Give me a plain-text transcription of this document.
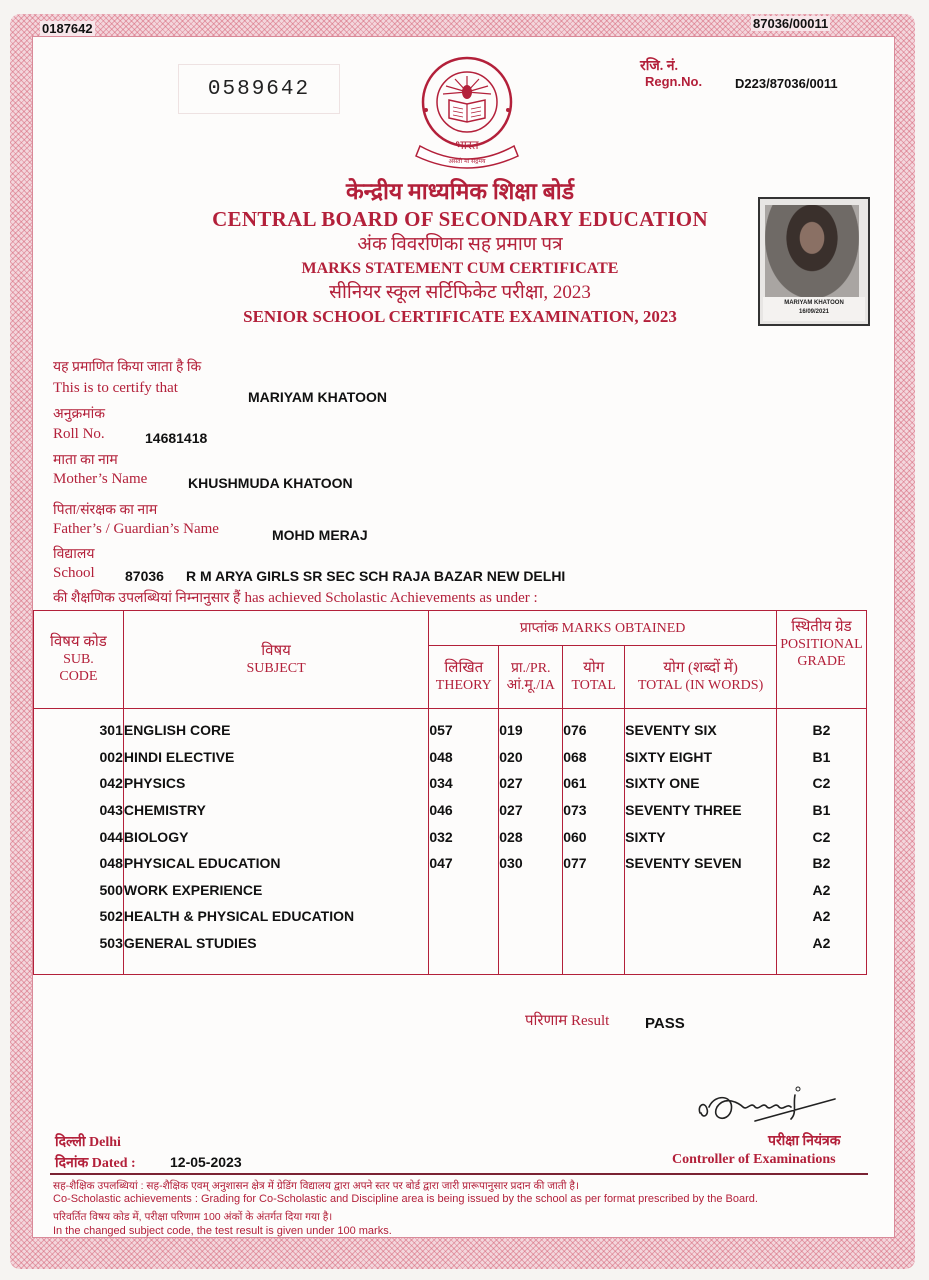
0187642	87036/00011
0589642
रजि. नं.
Regn.No.	D223/87036/0011
भारत
असतो मा सद्गमय
केन्द्रीय माध्यमिक शिक्षा बोर्ड
CENTRAL BOARD OF SECONDARY EDUCATION
अंक विवरणिका सह प्रमाण पत्र
MARKS STATEMENT CUM CERTIFICATE
सीनियर स्कूल सर्टिफिकेट परीक्षा, 2023
SENIOR SCHOOL CERTIFICATE EXAMINATION, 2023
MARIYAM KHATOON
16/09/2021
यह प्रमाणित किया जाता है कि
This is to certify that
MARIYAM KHATOON
अनुक्रमांक
Roll No.	14681418
माता का नाम
Mother’s Name	KHUSHMUDA KHATOON
पिता/संरक्षक का नाम
Father’s / Guardian’s Name	MOHD MERAJ
विद्यालय
School 87036 R M ARYA GIRLS SR SEC SCH RAJA BAZAR NEW DELHI
की शैक्षणिक उपलब्धियां निम्नानुसार हैं has achieved Scholastic Achievements as under :
विषय कोड
SUB.
CODE	विषय
SUBJECT	प्राप्तांक MARKS OBTAINED				स्थितीय ग्रेड
POSITIONAL
GRADE

		लिखित
THEORY	प्रा./PR.
आं.मू./IA	योग
TOTAL	योग (शब्दों में)
TOTAL (IN WORDS)	

301	ENGLISH CORE	057	019	076	SEVENTY SIX	B2
002	HINDI ELECTIVE	048	020	068	SIXTY EIGHT	B1
042	PHYSICS	034	027	061	SIXTY ONE	C2
043	CHEMISTRY	046	027	073	SEVENTY THREE	B1
044	BIOLOGY	032	028	060	SIXTY	C2
048	PHYSICAL EDUCATION	047	030	077	SEVENTY SEVEN	B2
500	WORK EXPERIENCE					A2
502	HEALTH & PHYSICAL EDUCATION					A2
503	GENERAL STUDIES					A2

परिणाम Result PASS
दिल्ली Delhi
दिनांक Dated : 12-05-2023
परीक्षा नियंत्रक
Controller of Examinations
सह-शैक्षिक उपलब्धियां : सह-शैक्षिक एवम् अनुशासन क्षेत्र में ग्रेडिंग विद्यालय द्वारा अपने स्तर पर बोर्ड द्वारा जारी प्रारूपानुसार प्रदान की जाती है।
Co-Scholastic achievements : Grading for Co-Scholastic and Discipline area is being issued by the school as per format prescribed by the Board.
परिवर्तित विषय कोड में, परीक्षा परिणाम 100 अंकों के अंतर्गत दिया गया है।
In the changed subject code, the test result is given under 100 marks.
